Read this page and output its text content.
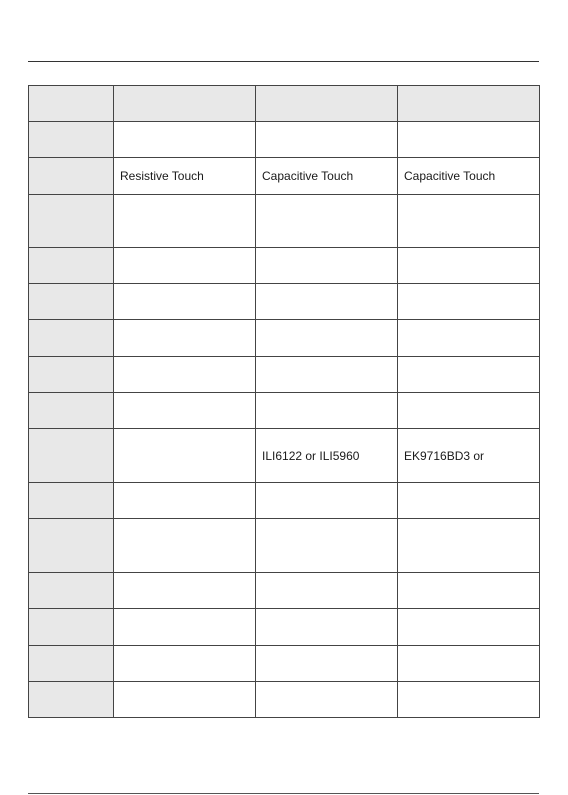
	Resistive Touch	Capacitive Touch	Capacitive Touch

		ILI6122 or ILI5960	EK9716BD3 or
